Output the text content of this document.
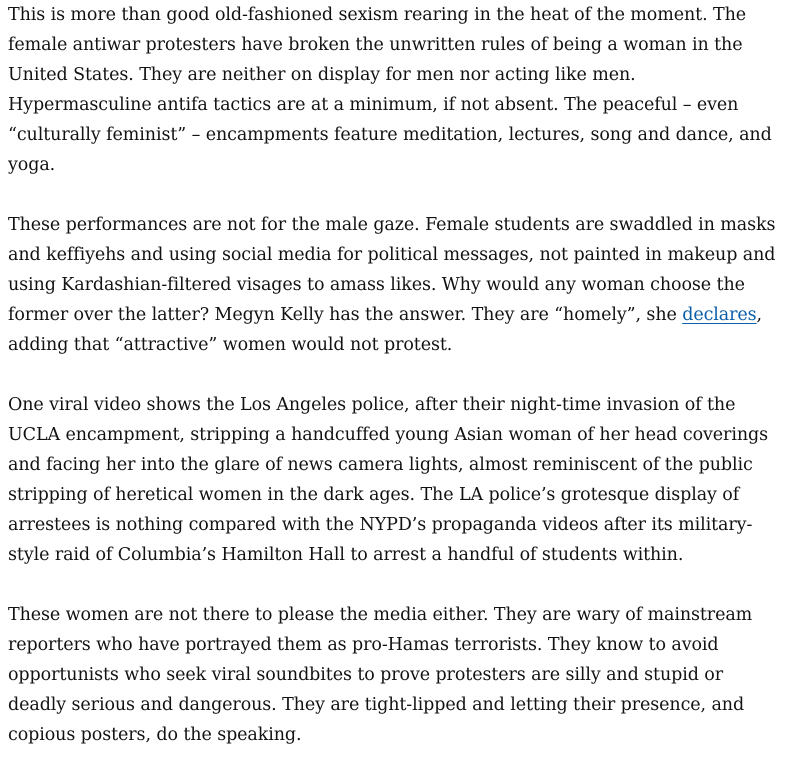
This is more than good old-fashioned sexism rearing in the heat of the moment. The
female antiwar protesters have broken the unwritten rules of being a woman in the
United States. They are neither on display for men nor acting like men.
Hypermasculine antifa tactics are at a minimum, if not absent. The peaceful – even
“culturally feminist” – encampments feature meditation, lectures, song and dance, and
yoga.

These performances are not for the male gaze. Female students are swaddled in masks
and keffiyehs and using social media for political messages, not painted in makeup and
using Kardashian-filtered visages to amass likes. Why would any woman choose the
former over the latter? Megyn Kelly has the answer. They are “homely”, she declares,
adding that “attractive” women would not protest.

One viral video shows the Los Angeles police, after their night-time invasion of the
UCLA encampment, stripping a handcuffed young Asian woman of her head coverings
and facing her into the glare of news camera lights, almost reminiscent of the public
stripping of heretical women in the dark ages. The LA police’s grotesque display of
arrestees is nothing compared with the NYPD’s propaganda videos after its military-
style raid of Columbia’s Hamilton Hall to arrest a handful of students within.

These women are not there to please the media either. They are wary of mainstream
reporters who have portrayed them as pro-Hamas terrorists. They know to avoid
opportunists who seek viral soundbites to prove protesters are silly and stupid or
deadly serious and dangerous. They are tight-lipped and letting their presence, and
copious posters, do the speaking.
